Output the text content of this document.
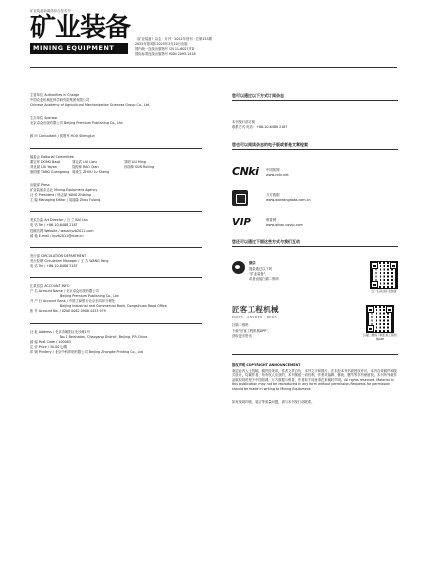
矿业装备新媒体综合技术刊
矿业装备
MINING EQUIPMENT
《矿业装备》杂志 · 月刊 · 2011年创刊 · 总第153期
2025年第3期 2025年3月10日出版
国内统一连续出版物号 CN 11-6027/TD
国际标准连续出版物号 ISSN 2095-1418
主管单位 Authorities in Charge
中国农业机械化科学研究院集团有限公司
Chinese Academy of Agricultural Mechanization Sciences Group Co., Ltd.
主办单位 Sponsor
北京卓众出版有限公司 Beijing Premium Publishing Co., Ltd.
顾 问 Consultant / 侯胜军 HOU Shengjun
编委会 Editorial Committee
董宝军 DONG Baoji	刘礼武 LIU Liwu	刘明 LIU Ming
刘亚斌 LIU Yayan	饶振林 RAO Qian	孙瑞坤 SUN Ruiling
唐国强 TANG Guangrong 周禄生 ZHOU Lu Sheng
出版部 Press
矿业装备杂志社 Mining Equipment Agency
社 长 President / 杨志斌 YANG Zhibing
主 编 Managing Editor / 周福隆 Zhou Fulong
美术总监 Art Director / 白 兰 BAI Lan
电 话 Tel / +86-10-6488 2187
投稿官网 Website / www.kyzb2011.com
邮 箱 E-mail / kyzb2011@ctoe.cn
发行部 CIRCULATION DEPARTMENT
发行经理 Circulation Manager / 王 方 WANG Fang
电 话 Tel / +86-10-6488 2187
汇款信息 ACCOUNT INFO
户 名 Account Name / 北京卓众出版有限公司
Beijing Premium Publishing Co., Ltd
开 户 行 Account Bank / 中国工商银行北京东四环分理处
Beijing Industrial and Commercial Bank, Dongsihuan Road Office
账 号 Account No. / 0200 0062 0908 4433 979
社 址 Address / 北京市朝阳区北沙滩1号
No.1 Beishatan, Chaoyang District, Beijing, P.R.China
邮 编 Post Code / 100083
定 价 Price / 30.00元/期
印 刷 Printery / 北京中科印刷有限公司 Beijing Zhongke Printing Co., Ltd
您可以通过以下方式订阅杂志
本刊发行部订阅
联系方式 电话：+86-10-6488 2187
您也可以阅读杂志的电子版或者是文章检索
CNki 中国知网
www.cnki.net
万方数据
www.wanfangdata.com.cn
VIP	维普网
www.qikan.cqvip.com
您还可以通过下面这些方式与我们互动
微信
搜索通过以下的
"矿业装备"，
或者直接扫描二维码
扫一扫关注矿业装备
匠客工程机械
PARTS · ANSWER · NEWS
扫描二维码
下载"匠客工程机械APP"，
获取更多资讯	扫描二维码下载匠客工程机械APP
版权声明 COPYRIGHT ANNOUNCEMENT
欢迎业内人士投稿，稿件经采用，作者文责自负，本刊文字和图片，在未经本刊书面授权许可，本刊自采稿件和版式设计，均属作者、所有权人应获的，本刊保留一切权利，作者对编辑、修改、删节等享有保留权。本刊所刊载作品版权同时授予中国知网、万方数据与维普，作者如不同意请在来稿时声明。All rights reserved. Material in this publication may not be reproduced in any form without permission.Requests for permission should be made in writing to Mining Equipment.
如有发现印刷、装订等质量问题，请与本刊发行部联系。
